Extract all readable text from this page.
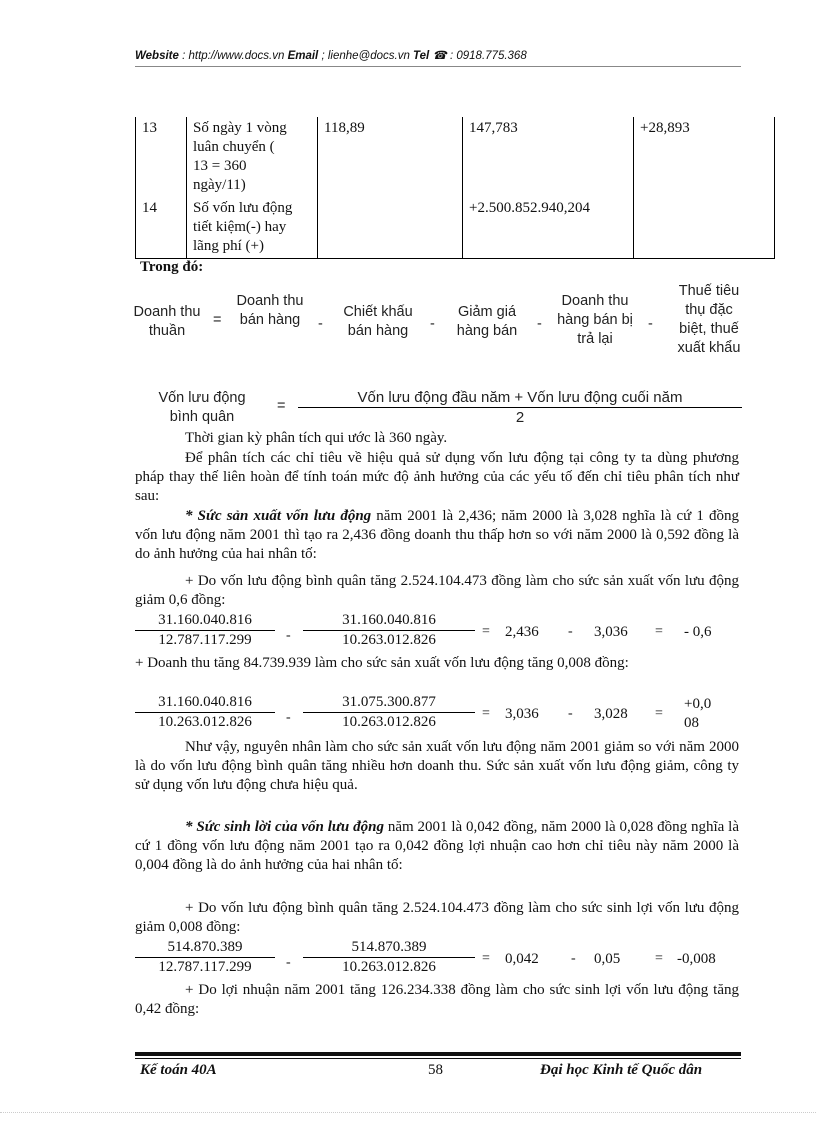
Website : http://www.docs.vn Email ; lienhe@docs.vn Tel ☎ : 0918.775.368
13	Số ngày 1 vòng
luân chuyển (
13 = 360
ngày/11)	118,89	147,783	+28,893
14	Số vốn lưu động
tiết kiệm(-) hay
lãng phí (+)		+2.500.852.940,204	
Trong đó:
Doanh thu thuần
=
Doanh thu bán hàng -
Chiết khấu bán hàng	-
Giảm giá hàng bán	-
Doanh thu hàng bán bị trả lại
-
Thuế tiêu thụ đặc biệt, thuế xuất khẩu
Vốn lưu động bình quân
=	Vốn lưu động đầu năm + Vốn lưu động cuối năm
2
Thời gian kỳ phân tích qui ước là 360 ngày.
Để phân tích các chỉ tiêu về hiệu quả sử dụng vốn lưu động tại công ty ta dùng phương pháp thay thế liên hoàn để tính toán mức độ ảnh hưởng của các yếu tố đến chỉ tiêu phân tích như sau:
* Sức sản xuất vốn lưu động năm 2001 là 2,436; năm 2000 là 3,028 nghĩa là cứ 1 đồng vốn lưu động năm 2001 thì tạo ra 2,436 đồng doanh thu thấp hơn so với năm 2000 là 0,592 đồng là do ảnh hưởng của hai nhân tố:
+ Do vốn lưu động bình quân tăng 2.524.104.473 đồng làm cho sức sản xuất vốn lưu động giảm 0,6 đồng:
$\frac{31.160.040.816}{12.787.117.299} - \frac{31.160.040.816}{10.263.012.826} = 2,436 - 3,036$ = - 0,6
+ Doanh thu tăng 84.739.939 làm cho sức sản xuất vốn lưu động tăng 0,008 đồng:
$\frac{31.160.040.816}{10.263.012.826} - \frac{31.075.300.877}{10.263.012.826} = 3,036 - 3,028$ =
+0,0
08
Như vậy, nguyên nhân làm cho sức sản xuất vốn lưu động năm 2001 giảm so với năm 2000 là do vốn lưu động bình quân tăng nhiều hơn doanh thu. Sức sản xuất vốn lưu động giảm, công ty sử dụng vốn lưu động chưa hiệu quả.
* Sức sinh lời của vốn lưu động năm 2001 là 0,042 đồng, năm 2000 là 0,028 đồng nghĩa là cứ 1 đồng vốn lưu động năm 2001 tạo ra 0,042 đồng lợi nhuận cao hơn chỉ tiêu này năm 2000 là 0,004 đồng là do ảnh hưởng của hai nhân tố:
+ Do vốn lưu động bình quân tăng 2.524.104.473 đồng làm cho sức sinh lợi vốn lưu động giảm 0,008 đồng:
$\frac{514.870.389}{12.787.117.299} - \frac{514.870.389}{10.263.012.826} = 0,042 - 0,05 = -0,008$
+ Do lợi nhuận năm 2001 tăng 126.234.338 đồng làm cho sức sinh lợi vốn lưu động tăng 0,42 đồng:
Kế toán 40A	58	Đại học Kinh tế Quốc dân
